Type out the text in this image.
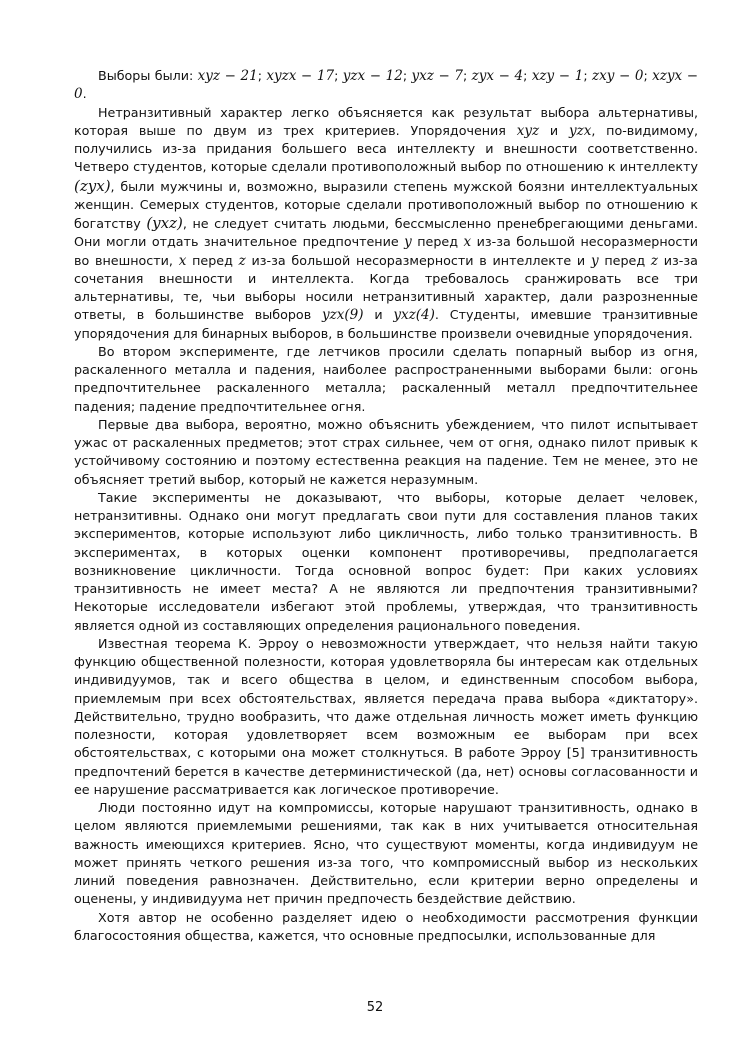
Выборы были: xyz − 21; xyzx − 17; yzx − 12; yxz − 7; zyx − 4; xzy − 1; zxy − 0; xzyx − 0.

Нетранзитивный характер легко объясняется как результат выбора альтернативы, которая выше по двум из трех критериев. Упорядочения xyz и yzx, по-видимому, получились из-за придания большего веса интеллекту и внешности соответственно. Четверо студентов, которые сделали противоположный выбор по отношению к интеллекту (zyx), были мужчины и, возможно, выразили степень мужской боязни интеллектуальных женщин. Семерых студентов, которые сделали противоположный выбор по отношению к богатству (yxz), не следует считать людьми, бессмысленно пренебрегающими деньгами. Они могли отдать значительное предпочтение y перед x из-за большой несоразмерности во внешности, x перед z из-за большой несоразмерности в интеллекте и y перед z из-за сочетания внешности и интеллекта. Когда требовалось сранжировать все три альтернативы, те, чьи выборы носили нетранзитивный характер, дали разрозненные ответы, в большинстве выборов yzx(9) и yxz(4). Студенты, имевшие транзитивные упорядочения для бинарных выборов, в большинстве произвели очевидные упорядочения.

Во втором эксперименте, где летчиков просили сделать попарный выбор из огня, раскаленного металла и падения, наиболее распространенными выборами были: огонь предпочтительнее раскаленного металла; раскаленный металл предпочтительнее падения; падение предпочтительнее огня.

Первые два выбора, вероятно, можно объяснить убеждением, что пилот испытывает ужас от раскаленных предметов; этот страх сильнее, чем от огня, однако пилот привык к устойчивому состоянию и поэтому естественна реакция на падение. Тем не менее, это не объясняет третий выбор, который не кажется неразумным.

Такие эксперименты не доказывают, что выборы, которые делает человек, нетранзитивны. Однако они могут предлагать свои пути для составления планов таких экспериментов, которые используют либо цикличность, либо только транзитивность. В экспериментах, в которых оценки компонент противоречивы, предполагается возникновение цикличности. Тогда основной вопрос будет: При каких условиях транзитивность не имеет места? А не являются ли предпочтения транзитивными? Некоторые исследователи избегают этой проблемы, утверждая, что транзитивность является одной из составляющих определения рационального поведения.

Известная теорема К. Эрроу о невозможности утверждает, что нельзя найти такую функцию общественной полезности, которая удовлетворяла бы интересам как отдельных индивидуумов, так и всего общества в целом, и единственным способом выбора, приемлемым при всех обстоятельствах, является передача права выбора «диктатору». Действительно, трудно вообразить, что даже отдельная личность может иметь функцию полезности, которая удовлетворяет всем возможным ее выборам при всех обстоятельствах, с которыми она может столкнуться. В работе Эрроу [5] транзитивность предпочтений берется в качестве детерминистической (да, нет) основы согласованности и ее нарушение рассматривается как логическое противоречие.

Люди постоянно идут на компромиссы, которые нарушают транзитивность, однако в целом являются приемлемыми решениями, так как в них учитывается относительная важность имеющихся критериев. Ясно, что существуют моменты, когда индивидуум не может принять четкого решения из-за того, что компромиссный выбор из нескольких линий поведения равнозначен. Действительно, если критерии верно определены и оценены, у индивидуума нет причин предпочесть бездействие действию.

Хотя автор не особенно разделяет идею о необходимости рассмотрения функции благосостояния общества, кажется, что основные предпосылки, использованные для

52
